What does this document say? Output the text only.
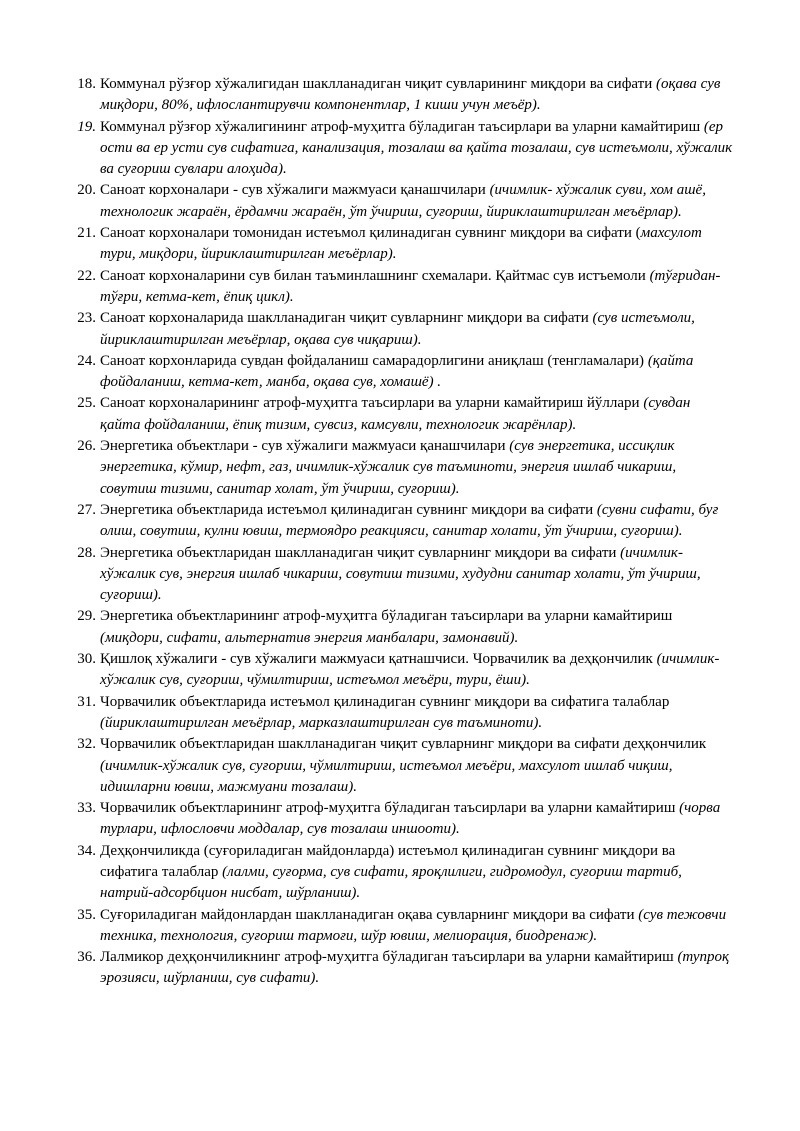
18. Коммунал рўзғор хўжалигидан шаклланадиган чиқит сувларининг миқдори ва сифати (оқава сув миқдори, 80%, ифлослантирувчи компонентлар, 1 киши учун меъёр).
19. Коммунал рўзғор хўжалигининг атроф-муҳитга бўладиган таъсирлари ва уларни камайтириш (ер ости ва ер усти сув сифатига, канализация, тозалаш ва қайта тозалаш, сув истеъмоли, хўжалик ва суғориш сувлари алоҳида).
20. Саноат корхоналари - сув хўжалиги мажмуаси қанашчилари (ичимлик- хўжалик суви, хом ашё, технологик жараён, ёрдамчи жараён, ўт ўчириш, суғориш, йириклаштирилган меъёрлар).
21. Саноат корхоналари томонидан истеъмол қилинадиган сувнинг миқдори ва сифати (махсулот тури, миқдори, йириклаштирилган меъёрлар).
22. Саноат корхоналарини сув билан таъминлашнинг схемалари. Қайтмас сув истъемоли (тўғридан-тўғри, кетма-кет, ёпиқ цикл).
23. Саноат корхоналарида шаклланадиган чиқит сувларнинг миқдори ва сифати (сув истеъмоли, йириклаштирилган меъёрлар, оқава сув чиқариш).
24. Саноат корхонларида сувдан фойдаланиш самарадорлигини аниқлаш (тенгламалари) (қайта фойдаланиш, кетма-кет, манба, оқава сув, хомашё) .
25. Саноат корхоналарининг атроф-муҳитга таъсирлари ва уларни камайтириш йўллари (сувдан қайта фойдаланиш, ёпиқ тизим, сувсиз, камсувли, технологик жарёнлар).
26. Энергетика объектлари - сув хўжалиги мажмуаси қанашчилари (сув энергетика, иссиқлик энергетика, кўмир, нефт, газ, ичимлик-хўжалик сув таъминоти, энергия ишлаб чикариш, совутиш тизими, санитар холат, ўт ўчириш, суғориш).
27. Энергетика объектларида истеъмол қилинадиган сувнинг миқдори ва сифати (сувни сифати, буғ олиш, совутиш, кулни ювиш, термоядро реакцияси, санитар холати, ўт ўчириш, суғориш).
28. Энергетика объектларидан шаклланадиган чиқит сувларнинг миқдори ва сифати (ичимлик-хўжалик сув, энергия ишлаб чикариш, совутиш тизими, худудни санитар холати, ўт ўчириш, суғориш).
29. Энергетика объектларининг атроф-муҳитга бўладиган таъсирлари ва уларни камайтириш (миқдори, сифати, альтернатив энергия манбалари, замонавий).
30. Қишлоқ хўжалиги - сув хўжалиги мажмуаси қатнашчиси. Чорвачилик ва деҳқончилик (ичимлик-хўжалик сув, суғориш, чўмилтириш, истеъмол меъёри, тури, ёши).
31. Чорвачилик объектларида истеъмол қилинадиган сувнинг миқдори ва сифатига талаблар (йириклаштирилган меъёрлар, марказлаштирилган сув таъминоти).
32. Чорвачилик объектларидан шаклланадиган чиқит сувларнинг миқдори ва сифати деҳқончилик (ичимлик-хўжалик сув, суғориш, чўмилтириш, истеъмол меъёри, махсулот ишлаб чиқиш, идишларни ювиш, мажмуани тозалаш).
33. Чорвачилик объектларининг атроф-муҳитга бўладиган таъсирлари ва уларни камайтириш (чорва турлари, ифлословчи моддалар, сув тозалаш иншооти).
34. Деҳқончиликда (суғориладиган майдонларда) истеъмол қилинадиган сувнинг миқдори ва сифатига талаблар (лалми, суғорма, сув сифати, яроқлилиги, гидромодул, суғориш тартиб, натрий-адсорбцион нисбат, шўрланиш).
35. Суғориладиган майдонлардан шаклланадиган оқава сувларнинг миқдори ва сифати (сув тежовчи техника, технология, суғориш тармоғи, шўр ювиш, мелиорация, биодренаж).
36. Лалмикор деҳқончиликнинг атроф-муҳитга бўладиган таъсирлари ва уларни камайтириш (тупроқ эрозияси, шўрланиш, сув сифати).
